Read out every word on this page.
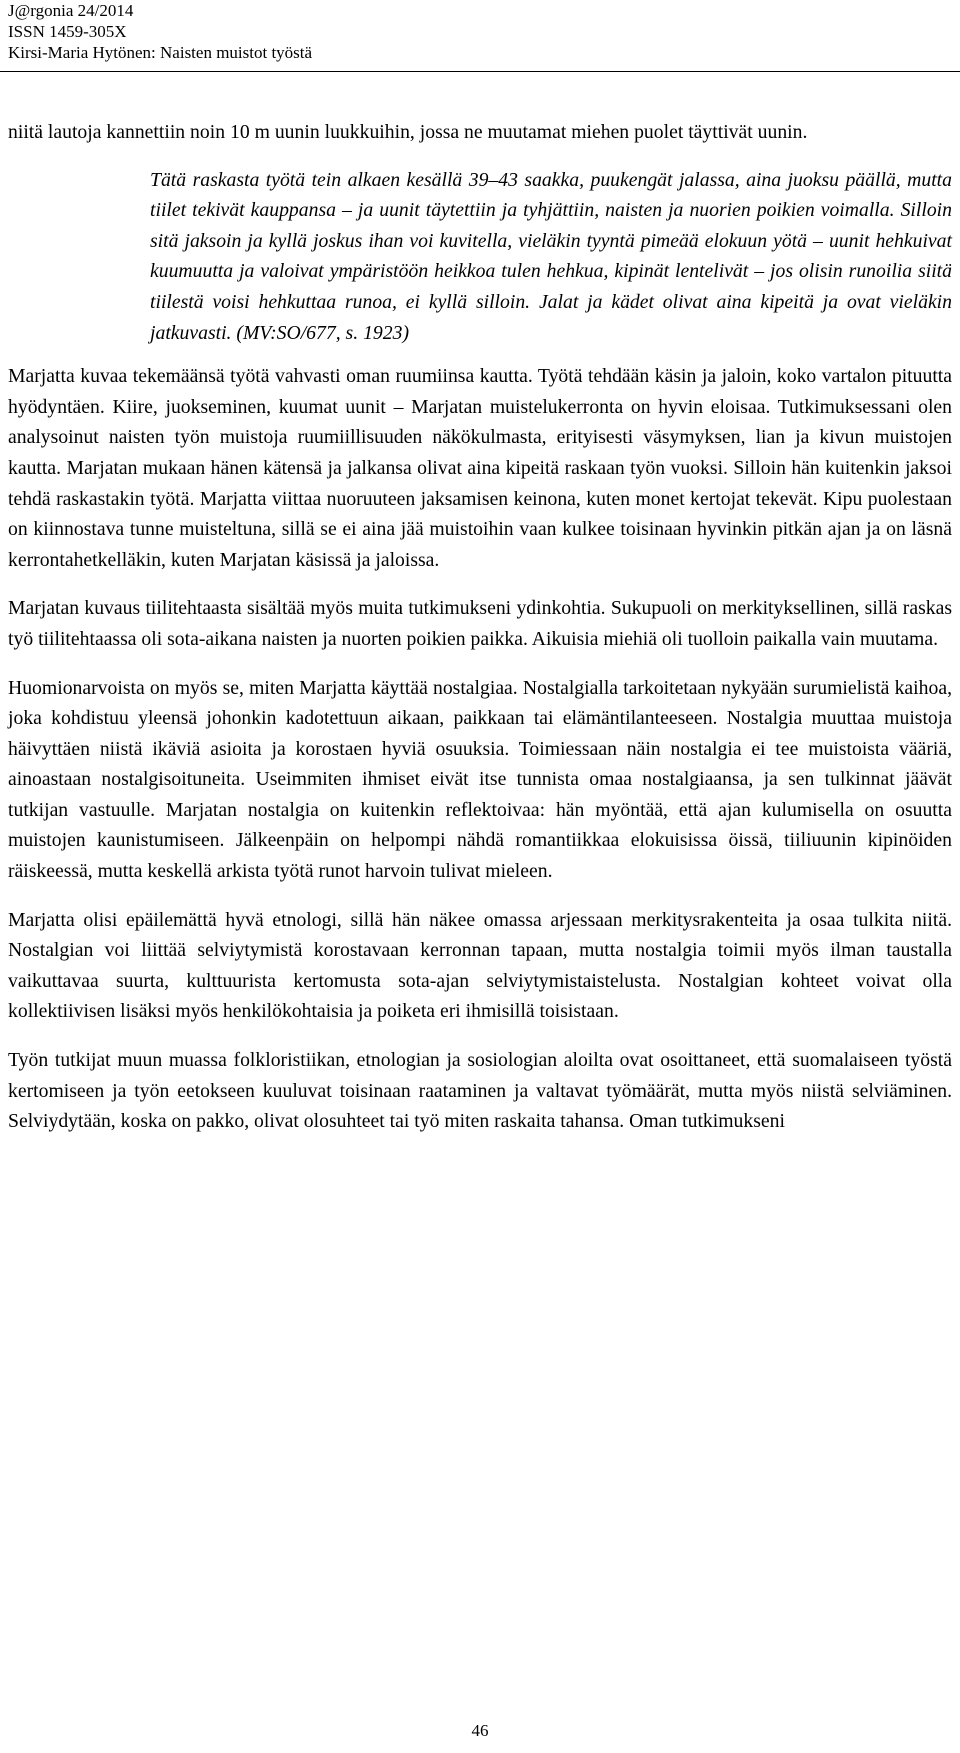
J@rgonia 24/2014
ISSN 1459-305X
Kirsi-Maria Hytönen: Naisten muistot työstä

niitä lautoja kannettiin noin 10 m uunin luukkuihin, jossa ne muutamat miehen puolet täyttivät uunin.

Tätä raskasta työtä tein alkaen kesällä 39–43 saakka, puukengät jalassa, aina juoksu päällä, mutta tiilet tekivät kauppansa – ja uunit täytettiin ja tyhjättiin, naisten ja nuorien poikien voimalla. Silloin sitä jaksoin ja kyllä joskus ihan voi kuvitella, vieläkin tyyntä pimeää elokuun yötä – uunit hehkuivat kuumuutta ja valoivat ympäristöön heikkoa tulen hehkua, kipinät lentelivät – jos olisin runoilia siitä tiilestä voisi hehkuttaa runoa, ei kyllä silloin. Jalat ja kädet olivat aina kipeitä ja ovat vieläkin jatkuvasti. (MV:SO/677, s. 1923)

Marjatta kuvaa tekemäänsä työtä vahvasti oman ruumiinsa kautta. Työtä tehdään käsin ja jaloin, koko vartalon pituutta hyödyntäen. Kiire, juokseminen, kuumat uunit – Marjatan muistelukerronta on hyvin eloisaa. Tutkimuksessani olen analysoinut naisten työn muistoja ruumiillisuuden näkökulmasta, erityisesti väsymyksen, lian ja kivun muistojen kautta. Marjatan mukaan hänen kätensä ja jalkansa olivat aina kipeitä raskaan työn vuoksi. Silloin hän kuitenkin jaksoi tehdä raskastakin työtä. Marjatta viittaa nuoruuteen jaksamisen keinona, kuten monet kertojat tekevät. Kipu puolestaan on kiinnostava tunne muisteltuna, sillä se ei aina jää muistoihin vaan kulkee toisinaan hyvinkin pitkän ajan ja on läsnä kerrontahetkelläkin, kuten Marjatan käsissä ja jaloissa.

Marjatan kuvaus tiilitehtaasta sisältää myös muita tutkimukseni ydinkohtia. Sukupuoli on merkityksellinen, sillä raskas työ tiilitehtaassa oli sota-aikana naisten ja nuorten poikien paikka. Aikuisia miehiä oli tuolloin paikalla vain muutama.

Huomionarvoista on myös se, miten Marjatta käyttää nostalgiaa. Nostalgialla tarkoitetaan nykyään surumielistä kaihoa, joka kohdistuu yleensä johonkin kadotettuun aikaan, paikkaan tai elämäntilanteeseen. Nostalgia muuttaa muistoja häivyttäen niistä ikäviä asioita ja korostaen hyviä osuuksia. Toimiessaan näin nostalgia ei tee muistoista vääriä, ainoastaan nostalgisoituneita. Useimmiten ihmiset eivät itse tunnista omaa nostalgiaansa, ja sen tulkinnat jäävät tutkijan vastuulle. Marjatan nostalgia on kuitenkin reflektoivaa: hän myöntää, että ajan kulumisella on osuutta muistojen kaunistumiseen. Jälkeenpäin on helpompi nähdä romantiikkaa elokuisissa öissä, tiiliuunin kipinöiden räiskeessä, mutta keskellä arkista työtä runot harvoin tulivat mieleen.

Marjatta olisi epäilemättä hyvä etnologi, sillä hän näkee omassa arjessaan merkitysrakenteita ja osaa tulkita niitä. Nostalgian voi liittää selviytymistä korostavaan kerronnan tapaan, mutta nostalgia toimii myös ilman taustalla vaikuttavaa suurta, kulttuurista kertomusta sota-ajan selviytymistaistelusta. Nostalgian kohteet voivat olla kollektiivisen lisäksi myös henkilökohtaisia ja poiketa eri ihmisillä toisistaan.

Työn tutkijat muun muassa folkloristiikan, etnologian ja sosiologian aloilta ovat osoittaneet, että suomalaiseen työstä kertomiseen ja työn eetokseen kuuluvat toisinaan raataminen ja valtavat työmäärät, mutta myös niistä selviäminen. Selviydytään, koska on pakko, olivat olosuhteet tai työ miten raskaita tahansa. Oman tutkimukseni

46
